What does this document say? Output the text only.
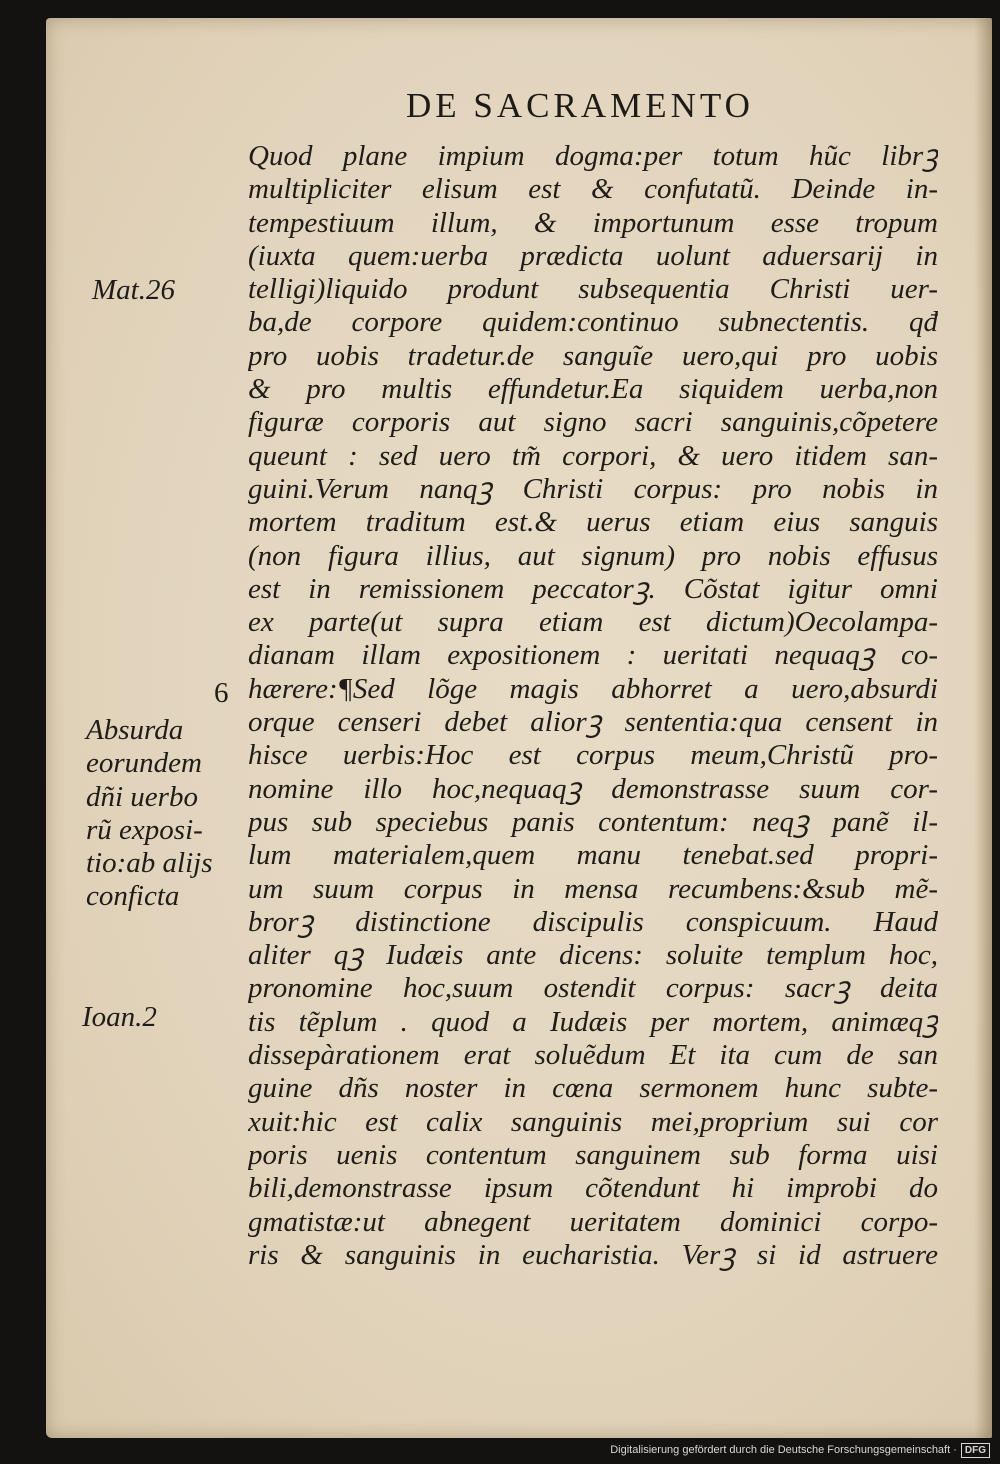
DE SACRAMENTO
Quod plane impium dogma:per totum hũc librꝫ
multipliciter elisum est & confutatũ. Deinde in-
tempestiuum illum, & importunum esse tropum
(iuxta quem:uerba prædicta uolunt aduersarij in
telligi)liquido produnt subsequentia Christi uer-
ba,de corpore quidem:continuo subnectentis. qđ
pro uobis tradetur.de sanguĩe uero,qui pro uobis
& pro multis effundetur.Ea siquidem uerba,non
figuræ corporis aut signo sacri sanguinis,cõpetere
queunt : sed uero tm̃ corpori, & uero itidem san-
guini.Verum nanqꝫ Christi corpus: pro nobis in
mortem traditum est.& uerus etiam eius sanguis
(non figura illius, aut signum) pro nobis effusus
est in remissionem peccatorꝫ. Cõstat igitur omni
ex parte(ut supra etiam est dictum)Oecolampa-
dianam illam expositionem : ueritati nequaqꝫ co-
hærere:¶Sed lõge magis abhorret a uero,absurdi
orque censeri debet aliorꝫ sententia:qua censent in
hisce uerbis:Hoc est corpus meum,Christũ pro-
nomine illo hoc,nequaqꝫ demonstrasse suum cor-
pus sub speciebus panis contentum: neqꝫ panẽ il-
lum materialem,quem manu tenebat.sed propri-
um suum corpus in mensa recumbens:&sub mẽ-
brorꝫ distinctione discipulis conspicuum. Haud
aliter qꝫ Iudæis ante dicens: soluite templum hoc,
pronomine hoc,suum ostendit corpus: sacrꝫ deita
tis tẽplum . quod a Iudæis per mortem, animæqꝫ
dissepàrationem erat soluẽdum Et ita cum de san
guine dñs noster in cœna sermonem hunc subte-
xuit:hic est calix sanguinis mei,proprium sui cor
poris uenis contentum sanguinem sub forma uisi
bili,demonstrasse ipsum cõtendunt hi improbi do
gmatistæ:ut abnegent ueritatem dominici corpo-
ris & sanguinis in eucharistia. Verꝫ si id astruere
Mat.26
6
Absurda
eorundem
dñi uerbo
rũ exposi-
tio:ab alijs
conficta
Ioan.2
Digitalisierung gefördert durch die Deutsche Forschungsgemeinschaft · DFG
